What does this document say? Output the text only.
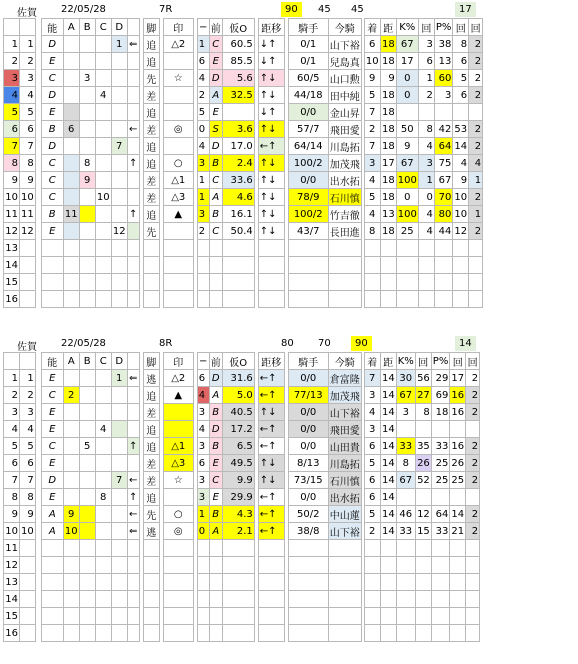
佐賀 22/05/28	7R	90	45 45	17
			能	A	B	C	D			脚		印		−	前	仮O		距移		騎手	今騎		着	距	K%	回	P%	回	回
1	1		D				1	⇐		追		△2		1	C	60.5		↓↑		0/1	山下裕		6	18	67	3	38	8	2
2	2		E							追				6	E	85.5		↓↑		0/1	兒島真		10	18	17	6	13	6	2
3	3		C		3					先		☆		4	D	5.6		↑↓		60/5	山口勲		9	9	0	1	60	5	2
4	4		D			4				差				2	A	32.5		↑↓		44/18	田中純		5	18	0	2	3	6	2
5	5		E							追				5	E			↓↑		0/0	金山昇		7	18					
6	6		B	6				←		差		◎		0	S	3.6		↑↓		57/7	飛田愛		2	18	50	8	42	53	2
7	7		D				7			追				4	D	17.0		←↑		64/14	川島拓		7	18	9	4	64	14	2
8	8		C		8			↑		追		○		3	B	2.4		↑↓		100/2	加茂飛		3	17	67	3	75	4	4
9	9		C		9					差		△1		1	C	33.6		↑↓		0/0	出水拓		4	18	100	1	67	9	1
10	10		C			10				差		△3		1	A	4.6		↑↓		78/9	石川慎		5	18	0	0	70	10	2
11	11		B	11				↑		追		▲		3	B	16.1		↑↓		100/2	竹吉徹		4	13	100	4	80	10	1
12	12		E				12			先				2	C	50.4		↑↓		43/7	長田進		8	18	25	4	44	12	2
13																													
14																													
15																													
16																													
佐賀 22/05/28	8R	80 70	90	14
			能	A	B	C	D			脚		印		−	前	仮O		距移		騎手	今騎		着	距	K%	回	P%	回	回
1	1		E				1	⇐		逃		△2		6	D	31.6		←↑		0/0	倉富隆		7	14	30	56	29	17	2
2	2		C	2						追		▲		4	A	5.0		←↑		77/13	加茂飛		3	14	67	27	69	16	2
3	3		E							差				3	B	40.5		↑↓		0/0	山下裕		4	14	3	8	18	16	2
4	4		E			4				追				4	D	17.2		←↑		0/0	飛田愛		3	14					
5	5		C		5			↑		追		△1		3	B	6.5		←↑		0/0	山田貴		6	14	33	35	33	16	2
6	6		E							差		△3		6	E	49.5		↑↓		8/13	川島拓		5	14	8	26	25	26	2
7	7		D				7	←		差		☆		3	C	9.9		↑↓		73/15	石川慎		6	14	67	52	25	25	2
8	8		E			8		↑		追				3	E	29.9		←↑		0/0	出水拓		6	14					
9	9		A	9				←		先		○		1	B	4.3		←↑		50/2	中山蓮		5	14	46	12	64	14	2
10	10		A	10				⇐		逃		◎		0	A	2.1		←↑		38/8	山下裕		2	14	33	15	33	21	2
11																													
12																													
13																													
14																													
15																													
16																													
